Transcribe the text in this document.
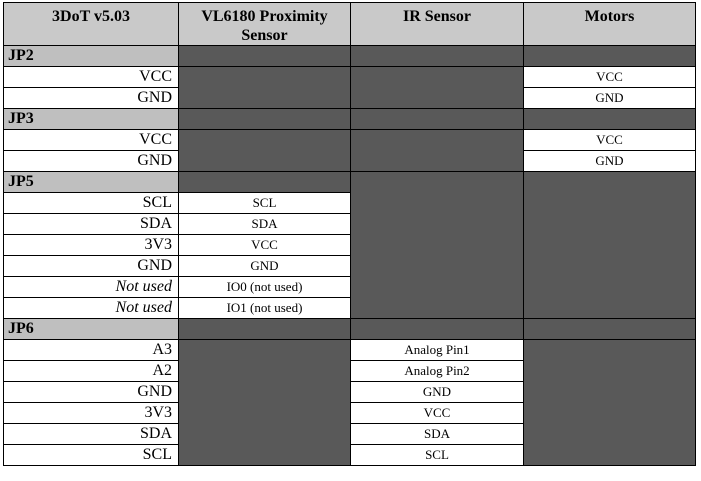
3DoT v5.03	VL6180 Proximity Sensor	IR Sensor	Motors
JP2			
VCC			VCC
GND			GND
JP3			
VCC			VCC
GND			GND
JP5			
SCL	SCL		
SDA	SDA		
3V3	VCC		
GND	GND		
Not used	IO0 (not used)		
Not used	IO1 (not used)		
JP6			
A3		Analog Pin1	
A2		Analog Pin2	
GND		GND	
3V3		VCC	
SDA		SDA	
SCL		SCL	
